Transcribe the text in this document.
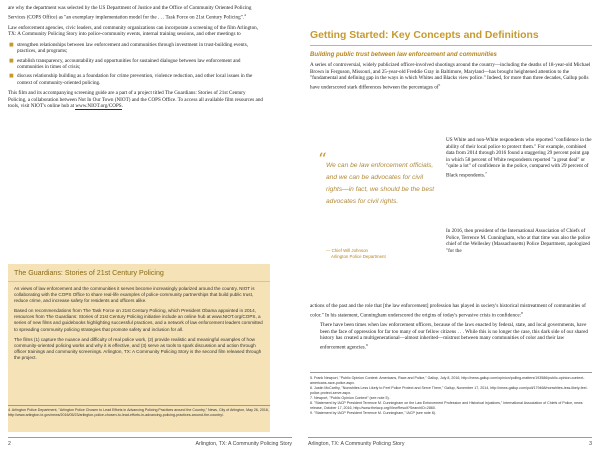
are why the department was selected by the US Department of Justice and the Office of Community Oriented Policing Services (COPS Office) as "an exemplary implementation model for the . . . Task Force on 21st Century Policing".$^4$

Law enforcement agencies, civic leaders, and community organizations can incorporate a screening of the film Arlington, TX: A Community Policing Story into police-community events, internal training sessions, and other meetings to

■ strengthen relationships between law enforcement and communities through investment in trust-building events, practices, and programs;
■ establish transparency, accountability and opportunities for sustained dialogue between law enforcement and communities in times of crisis;
■ discuss relationship building as a foundation for crime prevention, violence reduction, and other local issues in the context of community-oriented policing.

This film and its accompanying screening guide are a part of a project titled The Guardians: Stories of 21st Century Policing, a collaboration between Not In Our Town (NIOT) and the COPS Office. To access all available film resources and tools, visit NIOT's online hub at www.NIOT.org/COPS.

The Guardians: Stories of 21st Century Policing

As views of law enforcement and the communities it serves become increasingly polarized around the country, NIOT is collaborating with the COPS Office to share real-life examples of police-community partnerships that build public trust, reduce crime, and increase safety for residents and officers alike.

Based on recommendations from The Task Force on 21st Century Policing, which President Obama appointed in 2014, resources from The Guardians: Stories of 21st Century Policing initiative include an online hub at www.NIOT.org/COPS, a series of new films and guidebooks highlighting successful practices, and a network of law enforcement leaders committed to spreading community policing strategies that promote safety and inclusion for all.

The films (1) capture the nuance and difficulty of real police work, (2) provide realistic and meaningful examples of how community-oriented policing works and why it is effective, and (3) serve as tools to spark discussion and action through officer trainings and community screenings. Arlington, TX: A Community Policing Story is the second film released through the project.

4. Arlington Police Department, "Arlington Police Chosen to Lead Efforts in Advancing Policing Practices around the Country," News, City of Arlington, May 26, 2016, http://www.arlington-tx.gov/news/2016/05/23/arlington-police-chosen-to-lead-efforts-in-advancing-policing-practices-around-the-country/.

2	Arlington, TX: A Community Policing Story
Getting Started: Key Concepts and Definitions
Building public trust between law enforcement and communities

A series of controversial, widely publicized officer-involved shootings around the country—including the deaths of 18-year-old Michael Brown in Ferguson, Missouri, and 25-year-old Freddie Gray in Baltimore, Maryland—has brought heightened attention to the "fundamental and defining gap in the ways in which Whites and Blacks view police." Indeed, for more than three decades, Gallup polls have underscored stark differences between the percentages $of^5$

“ We can be law enforcement officials, and we can be advocates for civil rights—in fact, we should be the best advocates for civil rights.

— Chief Will Johnson
Arlington Police Department

US White and non-White respondents who reported "confidence in the ability of their local police to protect them." For example, combined data from 2014 through 2016 found a staggering 29 percent point gap in which 58 percent of White respondents reported "a great deal" or "quite a lot" of confidence in the police, compared with 29 percent of Black respondents.$^7$

In 2016, then president of the International Association of Chiefs of Police, Terrence M. Cunningham, who at that time was also the police chief of the Wellesley (Massachusetts) Police Department, apologized "for the

actions of the past and the role that [the law enforcement] profession has played in society's historical mistreatment of communities of color." In his statement, Cunningham underscored the origins of today's pervasive crisis in confidence:$^8$

There have been times when law enforcement officers, because of the laws enacted by federal, state, and local governments, have been the face of oppression for far too many of our fellow citizens . . . While this is no longer the case, this dark side of our shared history has created a multigenerational—almost inherited—mistrust between many communities of color and their law enforcement agencies.$^9$

5. Frank Newport, "Public Opinion Context: Americans, Race and Police," Gallup, July 8, 2016, http://news.gallup.com/opinion/polling-matters/193586/public-opinion-context-americans-race-police.aspx.

6. Justin McCarthy, "Nonwhites Less Likely to Feel Police Protect and Serve Them," Gallup, November 17, 2014, http://news.gallup.com/poll/179468/nonwhites-less-likely-feel-police-protect-serve.aspx.

7. Newport, "Public Opinion Context" (see note 5).

8. "Statement by IACP President Terrence M. Cunningham on the Law Enforcement Profession and Historical Injustices," International Association of Chiefs of Police, news release, October 17, 2016, http://www.theiacp.org/ViewResult?SearchID=2860.

9. "Statement by IACP President Terrence M. Cunningham," IACP (see note 8).

Arlington, TX: A Community Policing Story	3
